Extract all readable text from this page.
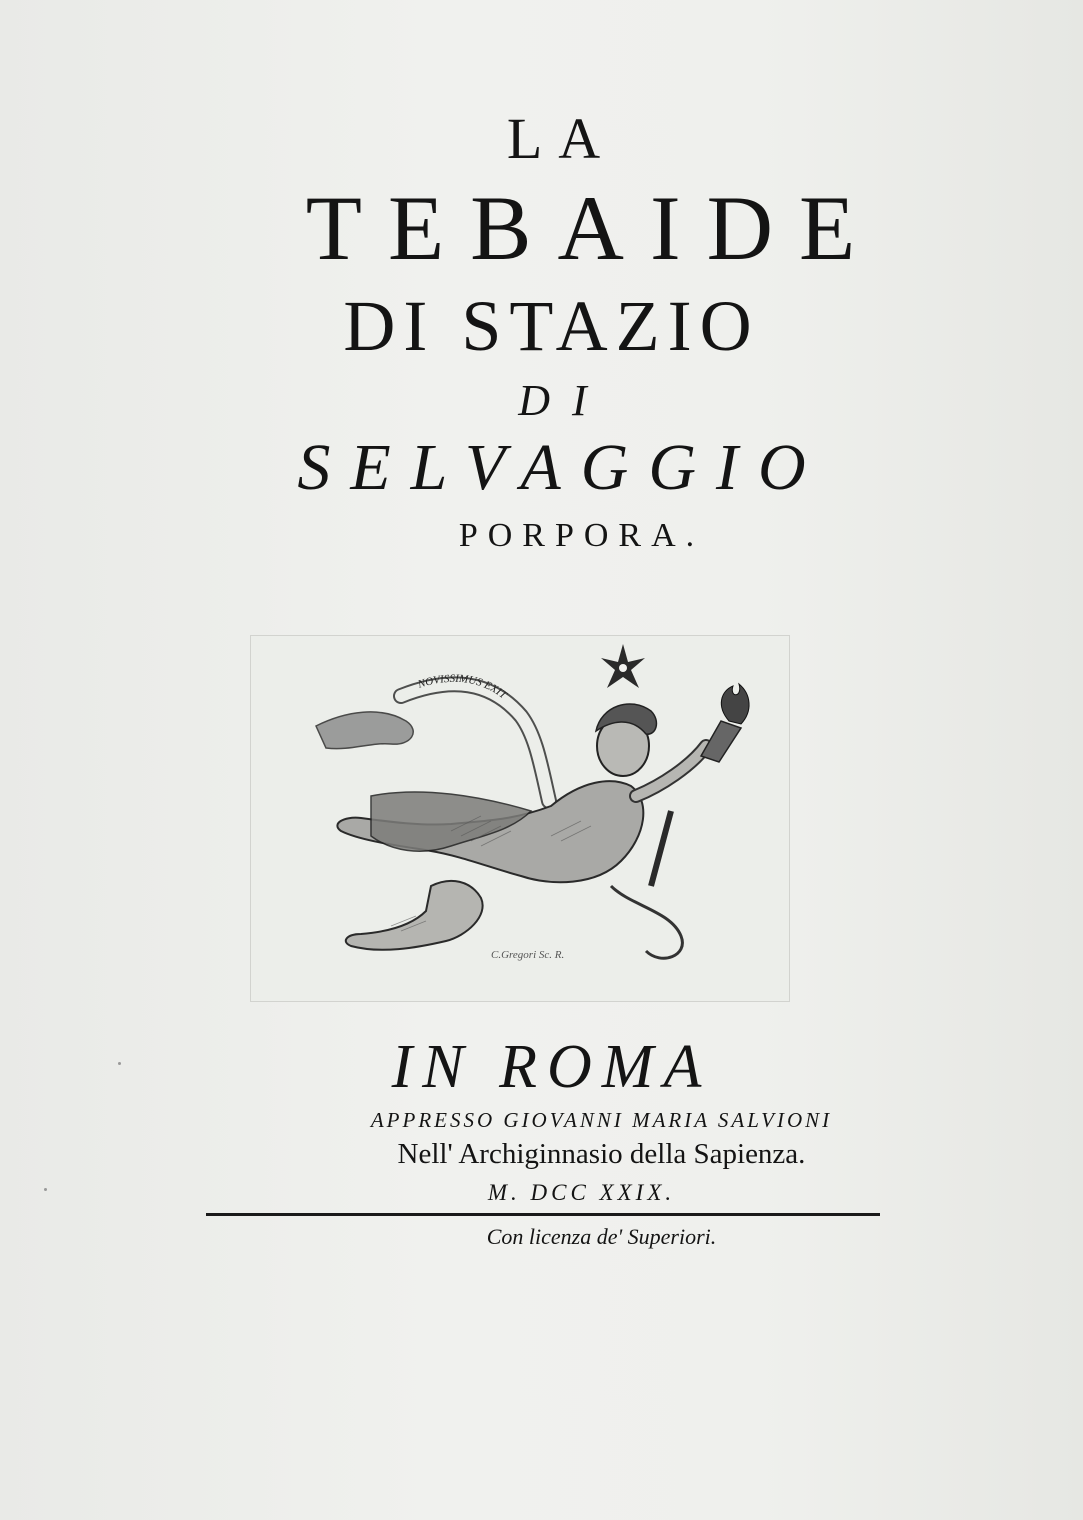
LA
TEBAIDE
DI STAZIO
DI
SELVAGGIO
PORPORA.
NOVISSIMUS EXIT
C.Gregori Sc. R.
IN ROMA
APPRESSO GIOVANNI MARIA SALVIONI
Nell' Archiginnasio della Sapienza.
M. DCC XXIX.
Con licenza de' Superiori.
